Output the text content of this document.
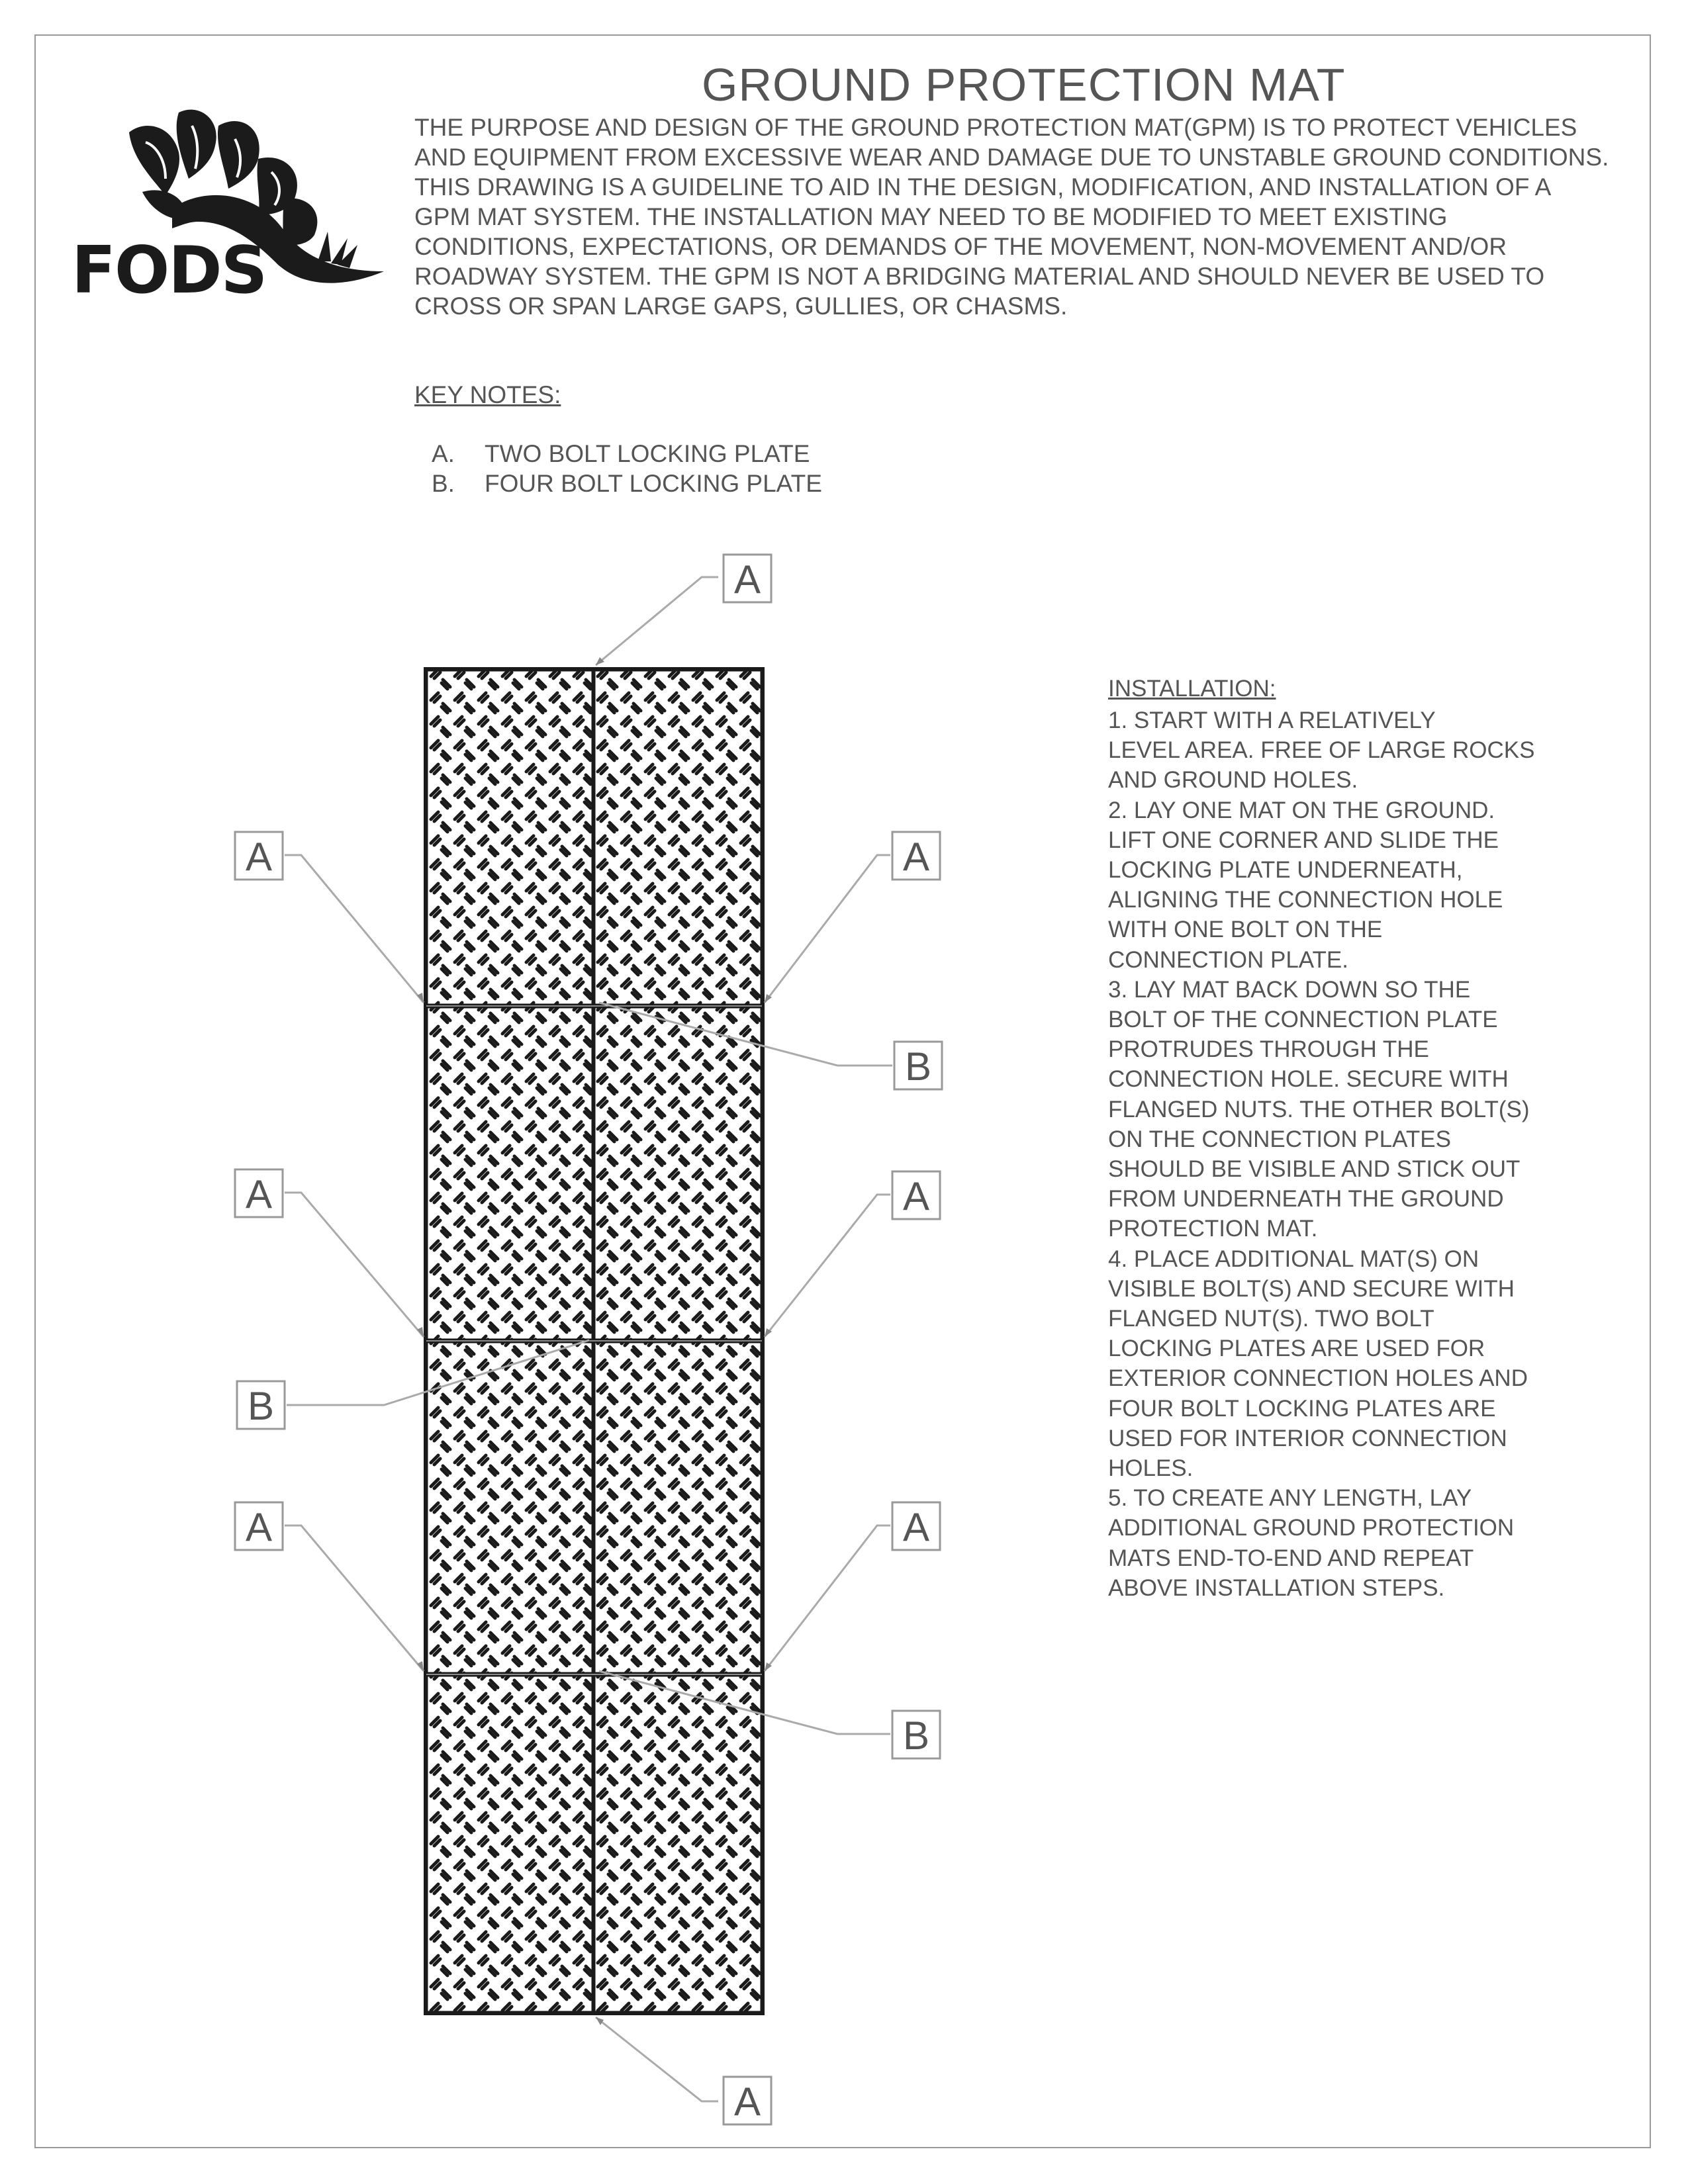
FODS
GROUND PROTECTION MAT

THE PURPOSE AND DESIGN OF THE GROUND PROTECTION MAT(GPM) IS TO PROTECT VEHICLES
AND EQUIPMENT FROM EXCESSIVE WEAR AND DAMAGE DUE TO UNSTABLE GROUND CONDITIONS.
THIS DRAWING IS A GUIDELINE TO AID IN THE DESIGN, MODIFICATION, AND INSTALLATION OF A
GPM MAT SYSTEM. THE INSTALLATION MAY NEED TO BE MODIFIED TO MEET EXISTING
CONDITIONS, EXPECTATIONS, OR DEMANDS OF THE MOVEMENT, NON-MOVEMENT AND/OR
ROADWAY SYSTEM. THE GPM IS NOT A BRIDGING MATERIAL AND SHOULD NEVER BE USED TO
CROSS OR SPAN LARGE GAPS, GULLIES, OR CHASMS.

KEY NOTES:
A. TWO BOLT LOCKING PLATE
B. FOUR BOLT LOCKING PLATE
INSTALLATION:
1. START WITH A RELATIVELY
LEVEL AREA. FREE OF LARGE ROCKS
AND GROUND HOLES.
2. LAY ONE MAT ON THE GROUND.
LIFT ONE CORNER AND SLIDE THE
LOCKING PLATE UNDERNEATH,
ALIGNING THE CONNECTION HOLE
WITH ONE BOLT ON THE
CONNECTION PLATE.
3. LAY MAT BACK DOWN SO THE
BOLT OF THE CONNECTION PLATE
PROTRUDES THROUGH THE
CONNECTION HOLE. SECURE WITH
FLANGED NUTS. THE OTHER BOLT(S)
ON THE CONNECTION PLATES
SHOULD BE VISIBLE AND STICK OUT
FROM UNDERNEATH THE GROUND
PROTECTION MAT.
4. PLACE ADDITIONAL MAT(S) ON
VISIBLE BOLT(S) AND SECURE WITH
FLANGED NUT(S). TWO BOLT
LOCKING PLATES ARE USED FOR
EXTERIOR CONNECTION HOLES AND
FOUR BOLT LOCKING PLATES ARE
USED FOR INTERIOR CONNECTION
HOLES.
5. TO CREATE ANY LENGTH, LAY
ADDITIONAL GROUND PROTECTION
MATS END-TO-END AND REPEAT
ABOVE INSTALLATION STEPS.
A
A	A
B
A	A
B
A	A
B
A
